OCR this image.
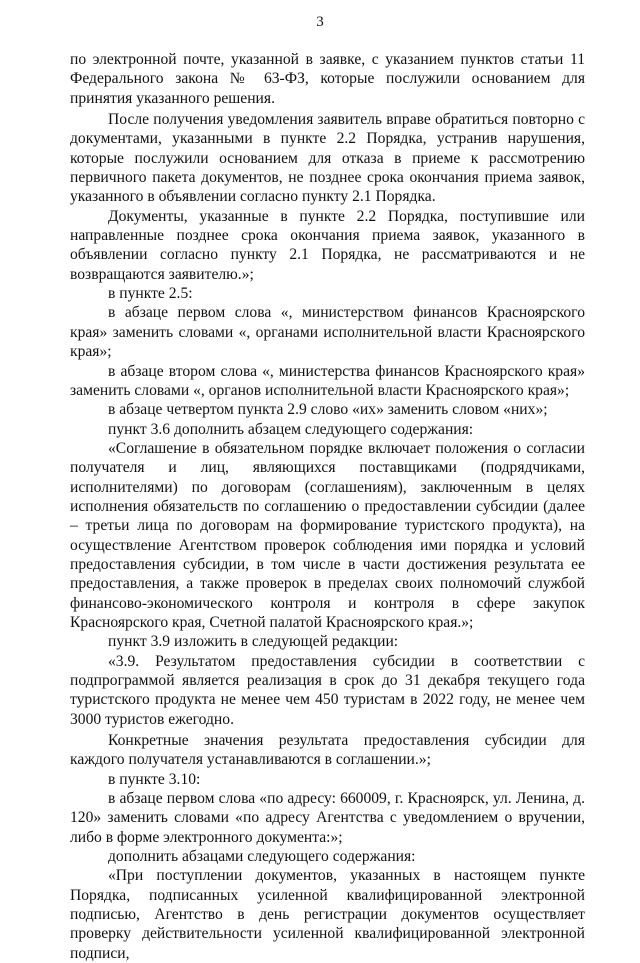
3

по электронной почте, указанной в заявке, с указанием пунктов статьи 11 Федерального закона № 63-ФЗ, которые послужили основанием для принятия указанного решения.

После получения уведомления заявитель вправе обратиться повторно с документами, указанными в пункте 2.2 Порядка, устранив нарушения, которые послужили основанием для отказа в приеме к рассмотрению первичного пакета документов, не позднее срока окончания приема заявок, указанного в объявлении согласно пункту 2.1 Порядка.

Документы, указанные в пункте 2.2 Порядка, поступившие или направленные позднее срока окончания приема заявок, указанного в объявлении согласно пункту 2.1 Порядка, не рассматриваются и не возвращаются заявителю.»;

в пункте 2.5:

в абзаце первом слова «, министерством финансов Красноярского края» заменить словами «, органами исполнительной власти Красноярского края»;

в абзаце втором слова «, министерства финансов Красноярского края» заменить словами «, органов исполнительной власти Красноярского края»;

в абзаце четвертом пункта 2.9 слово «их» заменить словом «них»;

пункт 3.6 дополнить абзацем следующего содержания:

«Соглашение в обязательном порядке включает положения о согласии получателя и лиц, являющихся поставщиками (подрядчиками, исполнителями) по договорам (соглашениям), заключенным в целях исполнения обязательств по соглашению о предоставлении субсидии (далее – третьи лица по договорам на формирование туристского продукта), на осуществление Агентством проверок соблюдения ими порядка и условий предоставления субсидии, в том числе в части достижения результата ее предоставления, а также проверок в пределах своих полномочий службой финансово-экономического контроля и контроля в сфере закупок Красноярского края, Счетной палатой Красноярского края.»;

пункт 3.9 изложить в следующей редакции:

«3.9. Результатом предоставления субсидии в соответствии с подпрограммой является реализация в срок до 31 декабря текущего года туристского продукта не менее чем 450 туристам в 2022 году, не менее чем 3000 туристов ежегодно.

Конкретные значения результата предоставления субсидии для каждого получателя устанавливаются в соглашении.»;

в пункте 3.10:

в абзаце первом слова «по адресу: 660009, г. Красноярск, ул. Ленина, д. 120» заменить словами «по адресу Агентства с уведомлением о вручении, либо в форме электронного документа:»;

дополнить абзацами следующего содержания:

«При поступлении документов, указанных в настоящем пункте Порядка, подписанных усиленной квалифицированной электронной подписью, Агентство в день регистрации документов осуществляет проверку действительности усиленной квалифицированной электронной подписи,
